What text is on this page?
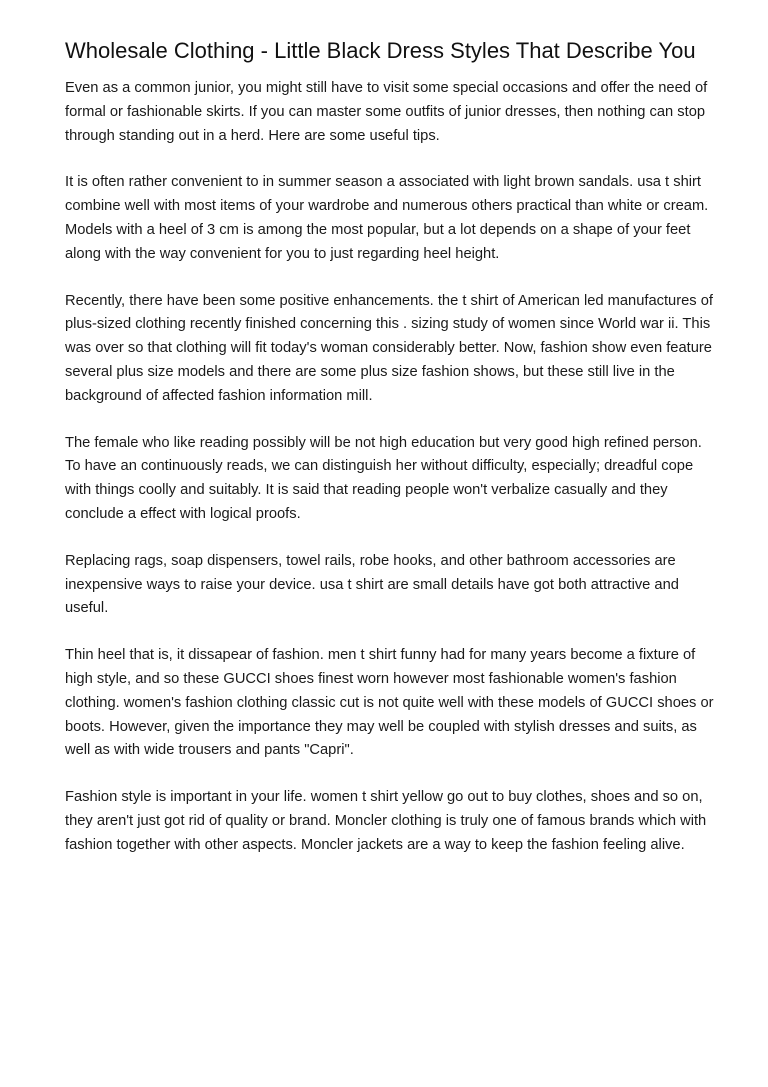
Wholesale Clothing - Little Black Dress Styles That Describe You

Even as a common junior, you might still have to visit some special occasions and offer the need of formal or fashionable skirts. If you can master some outfits of junior dresses, then nothing can stop through standing out in a herd. Here are some useful tips.

It is often rather convenient to in summer season a associated with light brown sandals. usa t shirt combine well with most items of your wardrobe and numerous others practical than white or cream. Models with a heel of 3 cm is among the most popular, but a lot depends on a shape of your feet along with the way convenient for you to just regarding heel height.

Recently, there have been some positive enhancements. the t shirt of American led manufactures of plus-sized clothing recently finished concerning this . sizing study of women since World war ii. This was over so that clothing will fit today's woman considerably better. Now, fashion show even feature several plus size models and there are some plus size fashion shows, but these still live in the background of affected fashion information mill.

The female who like reading possibly will be not high education but very good high refined person. To have an continuously reads, we can distinguish her without difficulty, especially; dreadful cope with things coolly and suitably. It is said that reading people won't verbalize casually and they conclude a effect with logical proofs.

Replacing rags, soap dispensers, towel rails, robe hooks, and other bathroom accessories are inexpensive ways to raise your device. usa t shirt are small details have got both attractive and useful.

Thin heel that is, it dissapear of fashion. men t shirt funny had for many years become a fixture of high style, and so these GUCCI shoes finest worn however most fashionable women's fashion clothing. women's fashion clothing classic cut is not quite well with these models of GUCCI shoes or boots. However, given the importance they may well be coupled with stylish dresses and suits, as well as with wide trousers and pants "Capri".

Fashion style is important in your life. women t shirt yellow go out to buy clothes, shoes and so on, they aren't just got rid of quality or brand. Moncler clothing is truly one of famous brands which with fashion together with other aspects. Moncler jackets are a way to keep the fashion feeling alive.
